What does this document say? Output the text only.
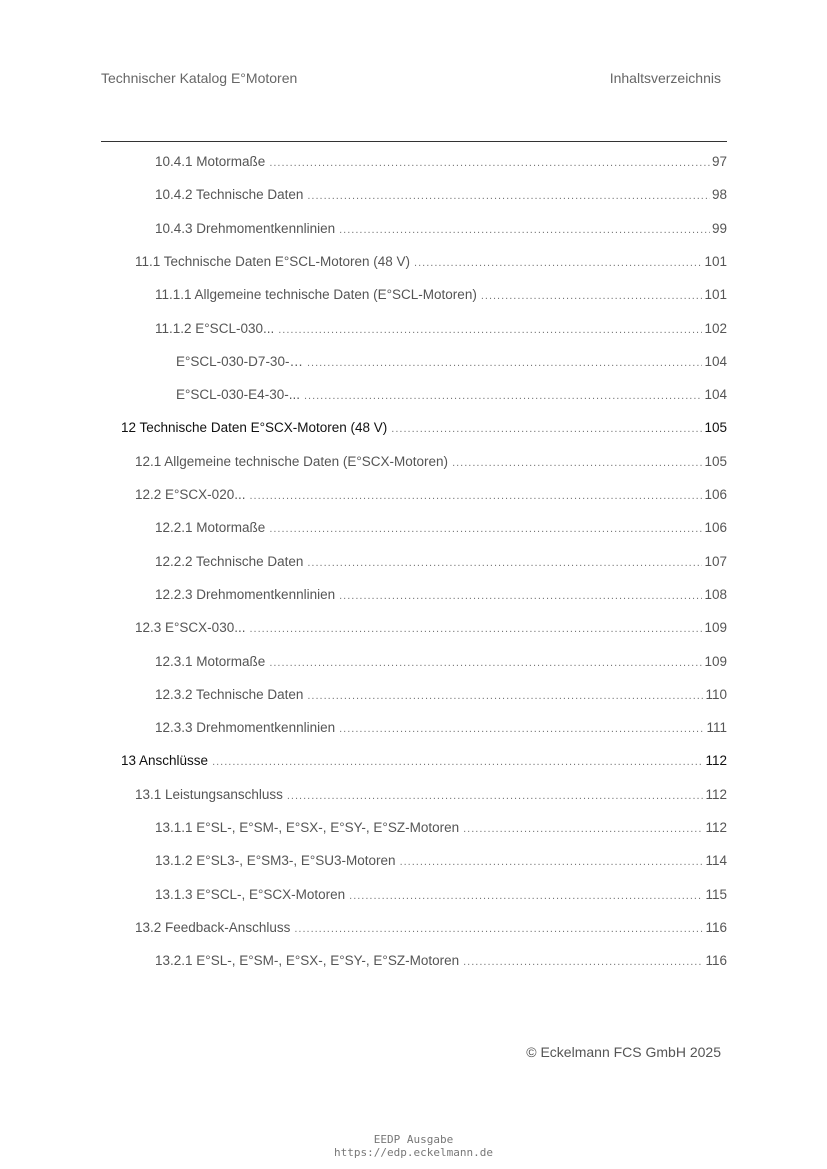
Technischer Katalog E°Motoren	Inhaltsverzeichnis
10.4.1 Motormaße .....	97
10.4.2 Technische Daten .....	98
10.4.3 Drehmomentkennlinien .....	99
11.1 Technische Daten E°SCL-Motoren (48 V) .....	101
11.1.1 Allgemeine technische Daten (E°SCL-Motoren) .....	101
11.1.2 E°SCL-030... .....	102
E°SCL-030-D7-30-… .....	104
E°SCL-030-E4-30-... .....	104
12 Technische Daten E°SCX-Motoren (48 V) .....	105
12.1 Allgemeine technische Daten (E°SCX-Motoren) .....	105
12.2 E°SCX-020... .....	106
12.2.1 Motormaße .....	106
12.2.2 Technische Daten .....	107
12.2.3 Drehmomentkennlinien .....	108
12.3 E°SCX-030... .....	109
12.3.1 Motormaße .....	109
12.3.2 Technische Daten .....	110
12.3.3 Drehmomentkennlinien .....	111
13 Anschlüsse .....	112
13.1 Leistungsanschluss .....	112
13.1.1 E°SL-, E°SM-, E°SX-, E°SY-, E°SZ-Motoren .....	112
13.1.2 E°SL3-, E°SM3-, E°SU3-Motoren .....	114
13.1.3 E°SCL-, E°SCX-Motoren .....	115
13.2 Feedback-Anschluss .....	116
13.2.1 E°SL-, E°SM-, E°SX-, E°SY-, E°SZ-Motoren .....	116
© Eckelmann FCS GmbH 2025
EEDP Ausgabe
https://edp.eckelmann.de
